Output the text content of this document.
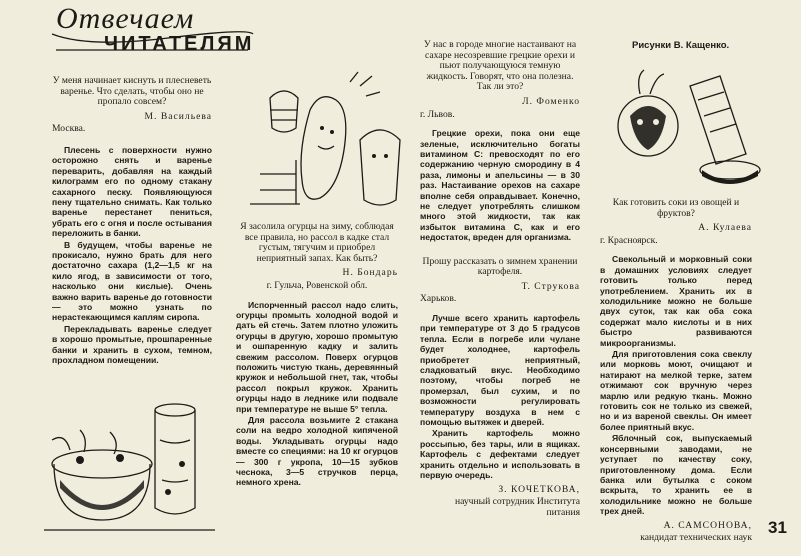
Отвечаем
ЧИТАТЕЛЯМ	Рисунки В. Кащенко.

У меня начинает киснуть и плесневеть варенье. Что сделать, чтобы оно не пропало совсем?

М. Васильева

Москва.

Плесень с поверхности нужно осторожно снять и варенье переварить, добавляя на каждый килограмм его по одному стакану сахарного песку. Появляющуюся пену тщательно снимать. Как только варенье перестанет пениться, убрать его с огня и после остывания переложить в банки.

В будущем, чтобы варенье не прокисало, нужно брать для него достаточно сахара (1,2—1,5 кг на кило ягод, в зависимости от того, насколько они кислые). Очень важно варить варенье до готовности — это можно узнать по нерастекающимся каплям сиропа.

Перекладывать варенье следует в хорошо промытые, прошпаренные банки и хранить в сухом, темном, прохладном помещении.

Я засолила огурцы на зиму, соблюдая все правила, но рассол в кадке стал густым, тягучим и приобрел неприятный запах. Как быть?

Н. Бондарь

г. Гульча, Ровенской обл.

Испорченный рассол надо слить, огурцы промыть холодной водой и дать ей стечь. Затем плотно уложить огурцы в другую, хорошо промытую и ошпаренную кадку и залить свежим рассолом. Поверх огурцов положить чистую ткань, деревянный кружок и небольшой гнет, так, чтобы рассол покрыл кружок. Хранить огурцы надо в леднике или подвале при температуре не выше 5° тепла.

Для рассола возьмите 2 стакана соли на ведро холодной кипяченой воды. Укладывать огурцы надо вместе со специями: на 10 кг огурцов — 300 г укропа, 10—15 зубков чеснока, 3—5 стручков перца, немного хрена.

У нас в городе многие настаивают на сахаре несозревшие грецкие орехи и пьют получающуюся темную жидкость. Говорят, что она полезна. Так ли это?

Л. Фоменко

г. Львов.

Грецкие орехи, пока они еще зеленые, исключительно богаты витамином С: превосходят по его содержанию черную смородину в 4 раза, лимоны и апельсины — в 30 раз. Настаивание орехов на сахаре вполне себя оправдывает. Конечно, не следует употреблять слишком много этой жидкости, так как избыток витамина С, как и его недостаток, вреден для организма.

Прошу рассказать о зимнем хранении картофеля.

Т. Струкова

Харьков.

Лучше всего хранить картофель при температуре от 3 до 5 градусов тепла. Если в погребе или чулане будет холоднее, картофель приобретет неприятный, сладковатый вкус. Необходимо поэтому, чтобы погреб не промерзал, был сухим, и по возможности регулировать температуру воздуха в нем с помощью вытяжек и дверей.

Хранить картофель можно россыпью, без тары, или в ящиках. Картофель с дефектами следует хранить отдельно и использовать в первую очередь.

З. КОЧЕТКОВА,

научный сотрудник Института питания

Как готовить соки из овощей и фруктов?

А. Кулаева

г. Красноярск.

Свекольный и морковный соки в домашних условиях следует готовить только перед употреблением. Хранить их в холодильнике можно не больше двух суток, так как оба сока содержат мало кислоты и в них быстро развиваются микроорганизмы.

Для приготовления сока свеклу или морковь моют, очищают и натирают на мелкой терке, затем отжимают сок вручную через марлю или редкую ткань. Можно готовить сок не только из свежей, но и из вареной свеклы. Он имеет более приятный вкус.

Яблочный сок, выпускаемый консервными заводами, не уступает по качеству соку, приготовленному дома. Если банка или бутылка с соком вскрыта, то хранить ее в холодильнике можно не больше трех дней.

А. САМСОНОВА,

кандидат технических наук

31
